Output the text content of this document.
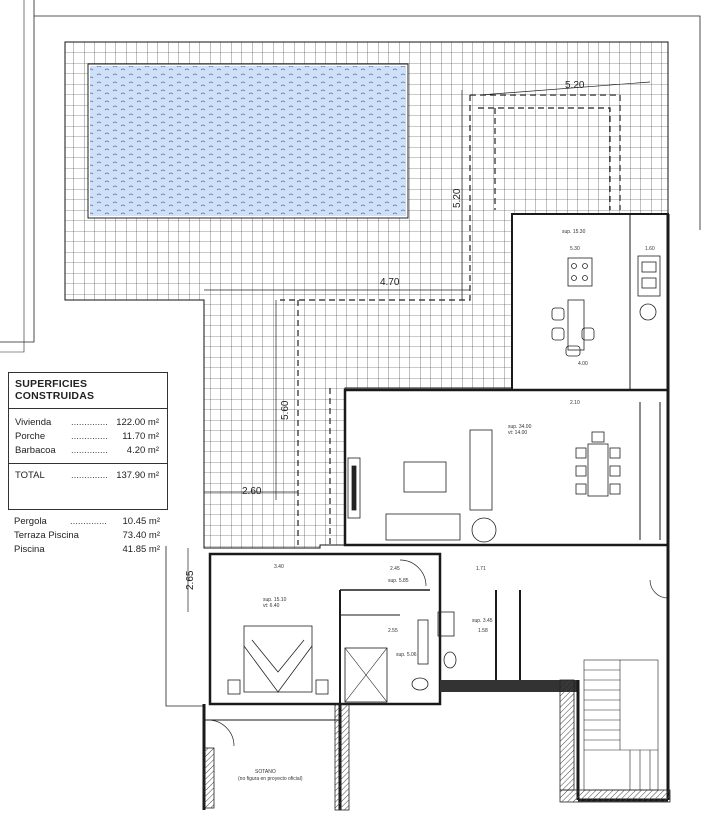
5.20
5.20
4.70
5.60
2.60
2.65
sup. 15.30
sup. 34.00
vt: 14.00
sup. 15.10
vt: 6.40
sup. 5.85
sup. 3.45
sup. 5.06
SOTANO
(no figura en proyecto oficial)
5.30	1.60
4.00
2.10
3.40	2.45	1.71
2.55	1.58
SUPERFICIES CONSTRUIDAS
Vivienda	.............. 122.00 m²
Porche	..............	11.70 m²
Barbacoa	..............	4.20 m²
TOTAL	.............. 137.90 m²
Pergola	..............	10.45 m²
Terraza Piscina	73.40 m²
Piscina	41.85 m²
